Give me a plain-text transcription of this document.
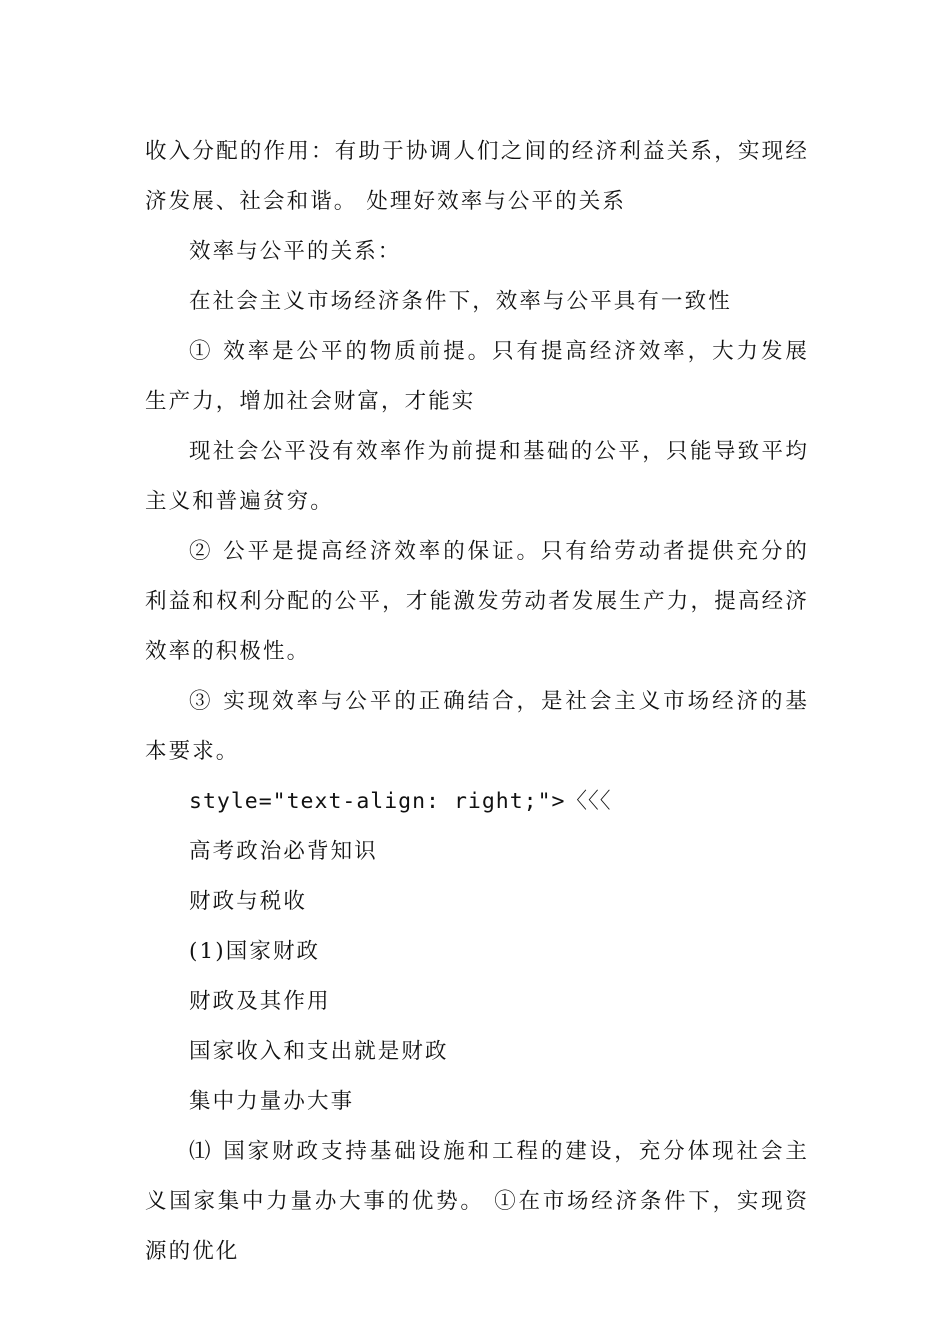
收入分配的作用：有助于协调人们之间的经济利益关系，实现经济发展、社会和谐。 处理好效率与公平的关系

效率与公平的关系：

在社会主义市场经济条件下，效率与公平具有一致性

① 效率是公平的物质前提。只有提高经济效率，大力发展生产力，增加社会财富，才能实

现社会公平没有效率作为前提和基础的公平，只能导致平均主义和普遍贫穷。

② 公平是提高经济效率的保证。只有给劳动者提供充分的利益和权利分配的公平，才能激发劳动者发展生产力，提高经济效率的积极性。

③ 实现效率与公平的正确结合，是社会主义市场经济的基本要求。

style="text-align: right;">〈〈〈

高考政治必背知识

财政与税收

(1)国家财政

财政及其作用

国家收入和支出就是财政

集中力量办大事

⑴ 国家财政支持基础设施和工程的建设，充分体现社会主义国家集中力量办大事的优势。 ①在市场经济条件下，实现资源的优化
